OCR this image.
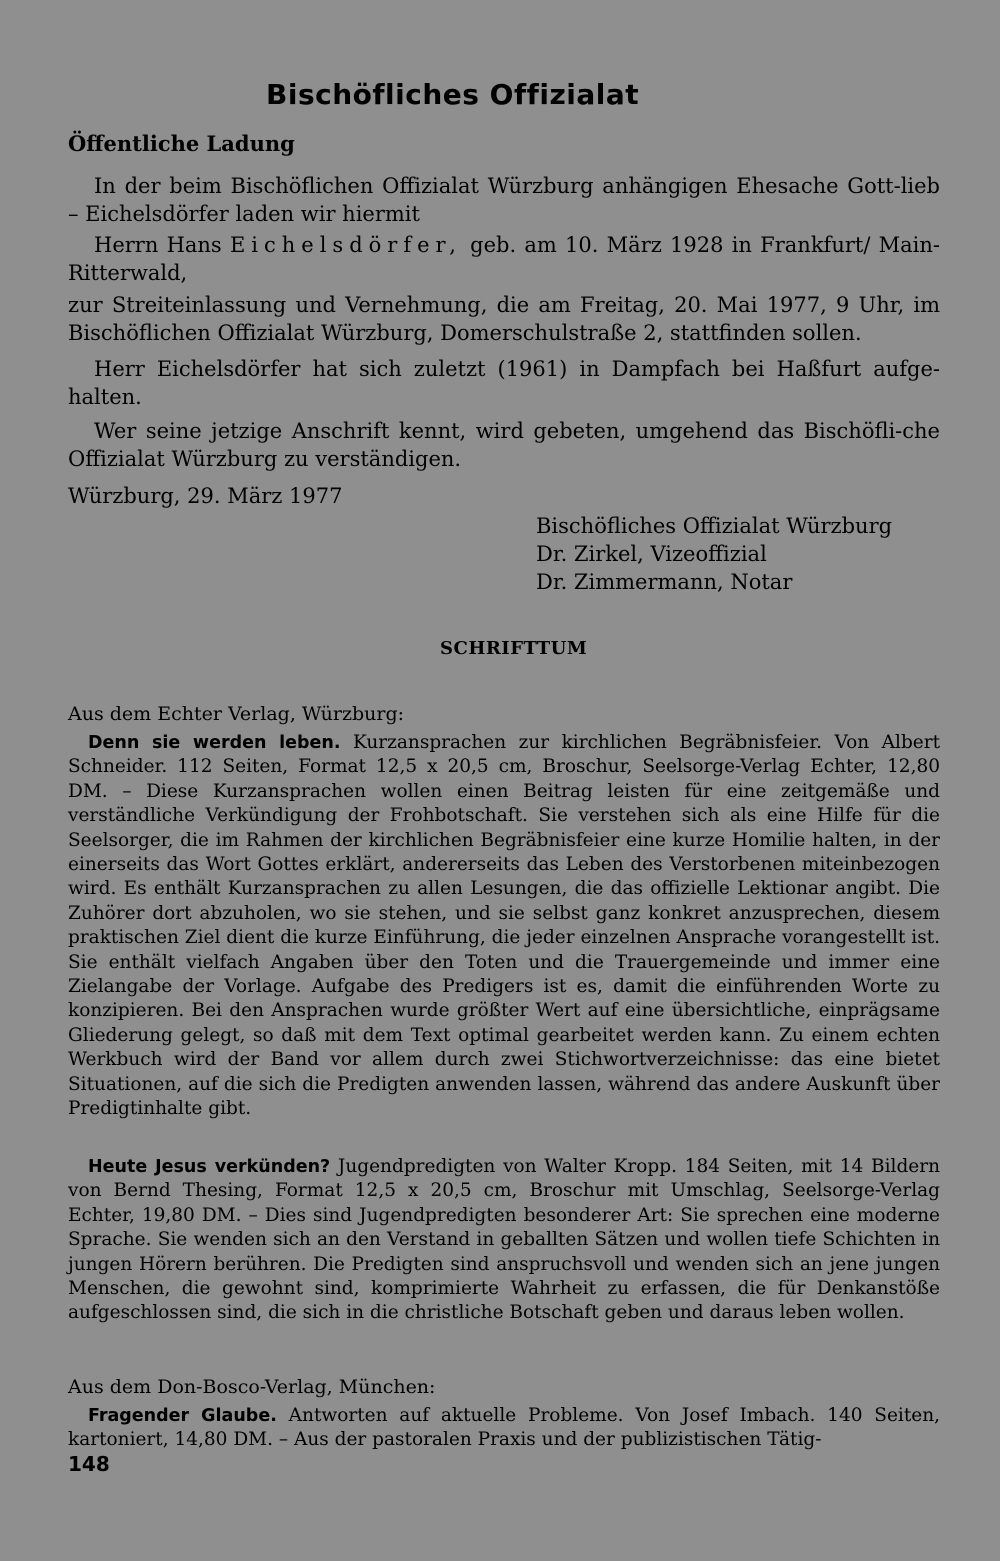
Bischöfliches Offizialat
Öffentliche Ladung

In der beim Bischöflichen Offizialat Würzburg anhängigen Ehesache Gott-lieb – Eichelsdörfer laden wir hiermit

Herrn Hans Eichelsdörfer, geb. am 10. März 1928 in Frankfurt/ Main-Ritterwald,

zur Streiteinlassung und Vernehmung, die am Freitag, 20. Mai 1977, 9 Uhr, im Bischöflichen Offizialat Würzburg, Domerschulstraße 2, stattfinden sollen.

Herr Eichelsdörfer hat sich zuletzt (1961) in Dampfach bei Haßfurt aufge-halten.

Wer seine jetzige Anschrift kennt, wird gebeten, umgehend das Bischöfli-che Offizialat Würzburg zu verständigen.

Würzburg, 29. März 1977
Bischöfliches Offizialat Würzburg
Dr. Zirkel, Vizeoffizial
Dr. Zimmermann, Notar
SCHRIFTTUM
Aus dem Echter Verlag, Würzburg:

Denn sie werden leben. Kurzansprachen zur kirchlichen Begräbnisfeier. Von Albert Schneider. 112 Seiten, Format 12,5 x 20,5 cm, Broschur, Seelsorge-Verlag Echter, 12,80 DM. – Diese Kurzansprachen wollen einen Beitrag leisten für eine zeitgemäße und verständliche Verkündigung der Frohbotschaft. Sie verstehen sich als eine Hilfe für die Seelsorger, die im Rahmen der kirchlichen Begräbnisfeier eine kurze Homilie halten, in der einerseits das Wort Gottes erklärt, andererseits das Leben des Verstorbenen miteinbezogen wird. Es enthält Kurzansprachen zu allen Lesungen, die das offizielle Lektionar angibt. Die Zuhörer dort abzuholen, wo sie stehen, und sie selbst ganz konkret anzusprechen, diesem praktischen Ziel dient die kurze Einführung, die jeder einzelnen Ansprache vorangestellt ist. Sie enthält vielfach Angaben über den Toten und die Trauergemeinde und immer eine Zielangabe der Vorlage. Aufgabe des Predigers ist es, damit die einführenden Worte zu konzipieren. Bei den Ansprachen wurde größter Wert auf eine übersichtliche, einprägsame Gliederung gelegt, so daß mit dem Text optimal gearbeitet werden kann. Zu einem echten Werkbuch wird der Band vor allem durch zwei Stichwortverzeichnisse: das eine bietet Situationen, auf die sich die Predigten anwenden lassen, während das andere Auskunft über Predigtinhalte gibt.

Heute Jesus verkünden? Jugendpredigten von Walter Kropp. 184 Seiten, mit 14 Bildern von Bernd Thesing, Format 12,5 x 20,5 cm, Broschur mit Umschlag, Seelsorge-Verlag Echter, 19,80 DM. – Dies sind Jugendpredigten besonderer Art: Sie sprechen eine moderne Sprache. Sie wenden sich an den Verstand in geballten Sätzen und wollen tiefe Schichten in jungen Hörern berühren. Die Predigten sind anspruchsvoll und wenden sich an jene jungen Menschen, die gewohnt sind, komprimierte Wahrheit zu erfassen, die für Denkanstöße aufgeschlossen sind, die sich in die christliche Botschaft geben und daraus leben wollen.

Aus dem Don-Bosco-Verlag, München:

Fragender Glaube. Antworten auf aktuelle Probleme. Von Josef Imbach. 140 Seiten, kartoniert, 14,80 DM. – Aus der pastoralen Praxis und der publizistischen Tätig-

148
